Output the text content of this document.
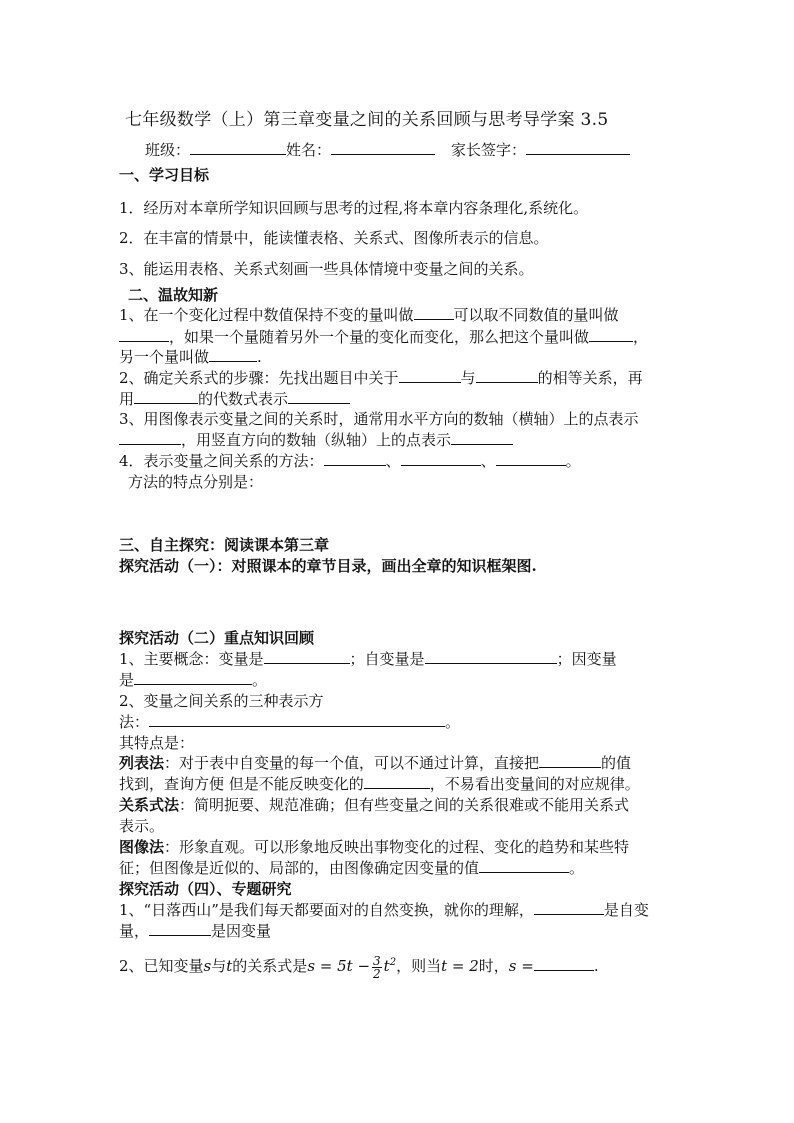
七年级数学（上）第三章变量之间的关系回顾与思考导学案 3.5
班级：	姓名：	家长签字：
一、学习目标
1．经历对本章所学知识回顾与思考的过程,将本章内容条理化,系统化。
2．在丰富的情景中，能读懂表格、关系式、图像所表示的信息。
3、能运用表格、关系式刻画一些具体情境中变量之间的关系。
二、温故知新
1、在一个变化过程中数值保持不变的量叫做	可以取不同数值的量叫做
，如果一个量随着另外一个量的变化而变化，那么把这个量叫做	，
另一个量叫做	.
2、确定关系式的步骤：先找出题目中关于	与	的相等关系，再
用	的代数式表示
3、用图像表示变量之间的关系时，通常用水平方向的数轴（横轴）上的点表示
，用竖直方向的数轴（纵轴）上的点表示
4．表示变量之间关系的方法：	、	、	。
方法的特点分别是：
三、自主探究：阅读课本第三章
探究活动（一）：对照课本的章节目录，画出全章的知识框架图.
探究活动（二）重点知识回顾
1、主要概念：变量是	；自变量是	；因变量
是	。
2、变量之间关系的三种表示方
法：	。
其特点是：
列表法：对于表中自变量的每一个值，可以不通过计算，直接把	的值
找到，查询方便 但是不能反映变化的	，不易看出变量间的对应规律。
关系式法：简明扼要、规范准确；但有些变量之间的关系很难或不能用关系式
表示。
图像法：形象直观。可以形象地反映出事物变化的过程、变化的趋势和某些特
征；但图像是近似的、局部的，由图像确定因变量的值	。
探究活动（四）、专题研究
1、“日落西山”是我们每天都要面对的自然变换，就你的理解，	是自变
量，	是因变量
2、已知变量s与t的关系式是$s = 5t - \frac{3}{2} t^2$，则当t = 2时，s =	.
